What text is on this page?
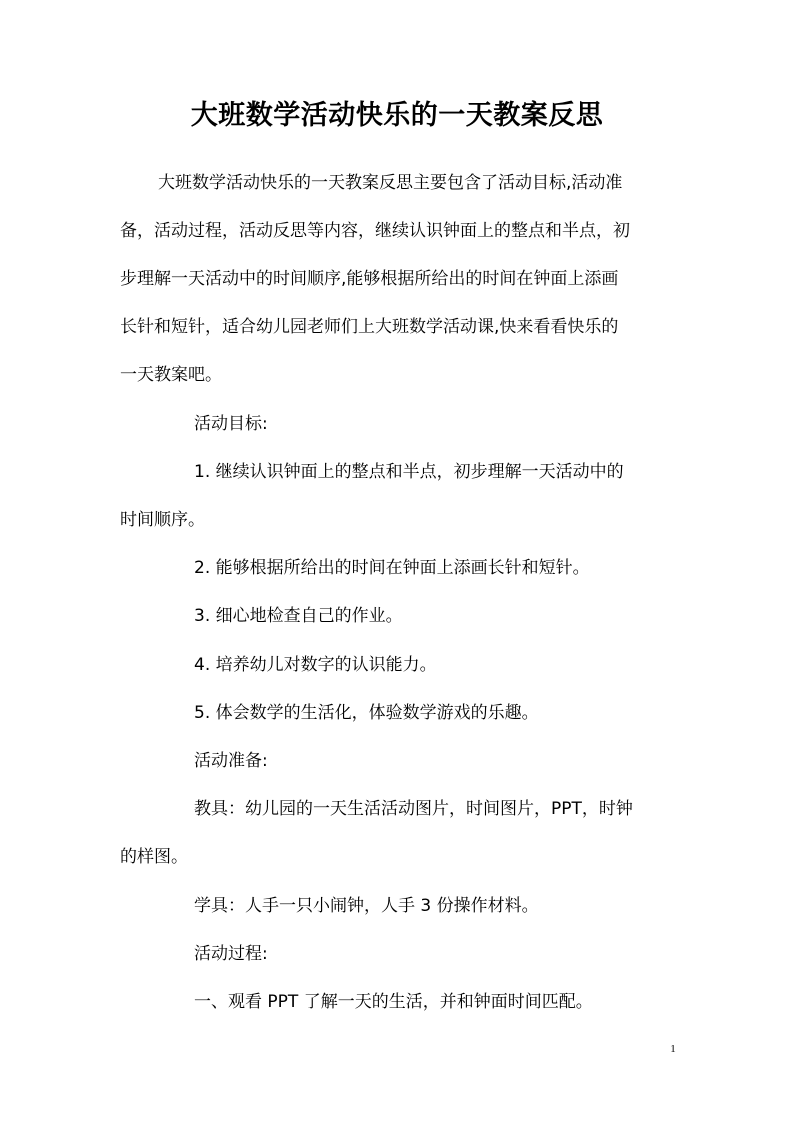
大班数学活动快乐的一天教案反思
大班数学活动快乐的一天教案反思主要包含了活动目标,活动准
备，活动过程，活动反思等内容，继续认识钟面上的整点和半点，初
步理解一天活动中的时间顺序,能够根据所给出的时间在钟面上添画
长针和短针，适合幼儿园老师们上大班数学活动课,快来看看快乐的
一天教案吧。
活动目标:
1. 继续认识钟面上的整点和半点，初步理解一天活动中的
时间顺序。
2. 能够根据所给出的时间在钟面上添画长针和短针。
3. 细心地检查自己的作业。
4. 培养幼儿对数字的认识能力。
5. 体会数学的生活化，体验数学游戏的乐趣。
活动准备:
教具：幼儿园的一天生活活动图片，时间图片，PPT，时钟
的样图。
学具：人手一只小闹钟，人手 3 份操作材料。
活动过程:
一、观看 PPT 了解一天的生活，并和钟面时间匹配。
1
